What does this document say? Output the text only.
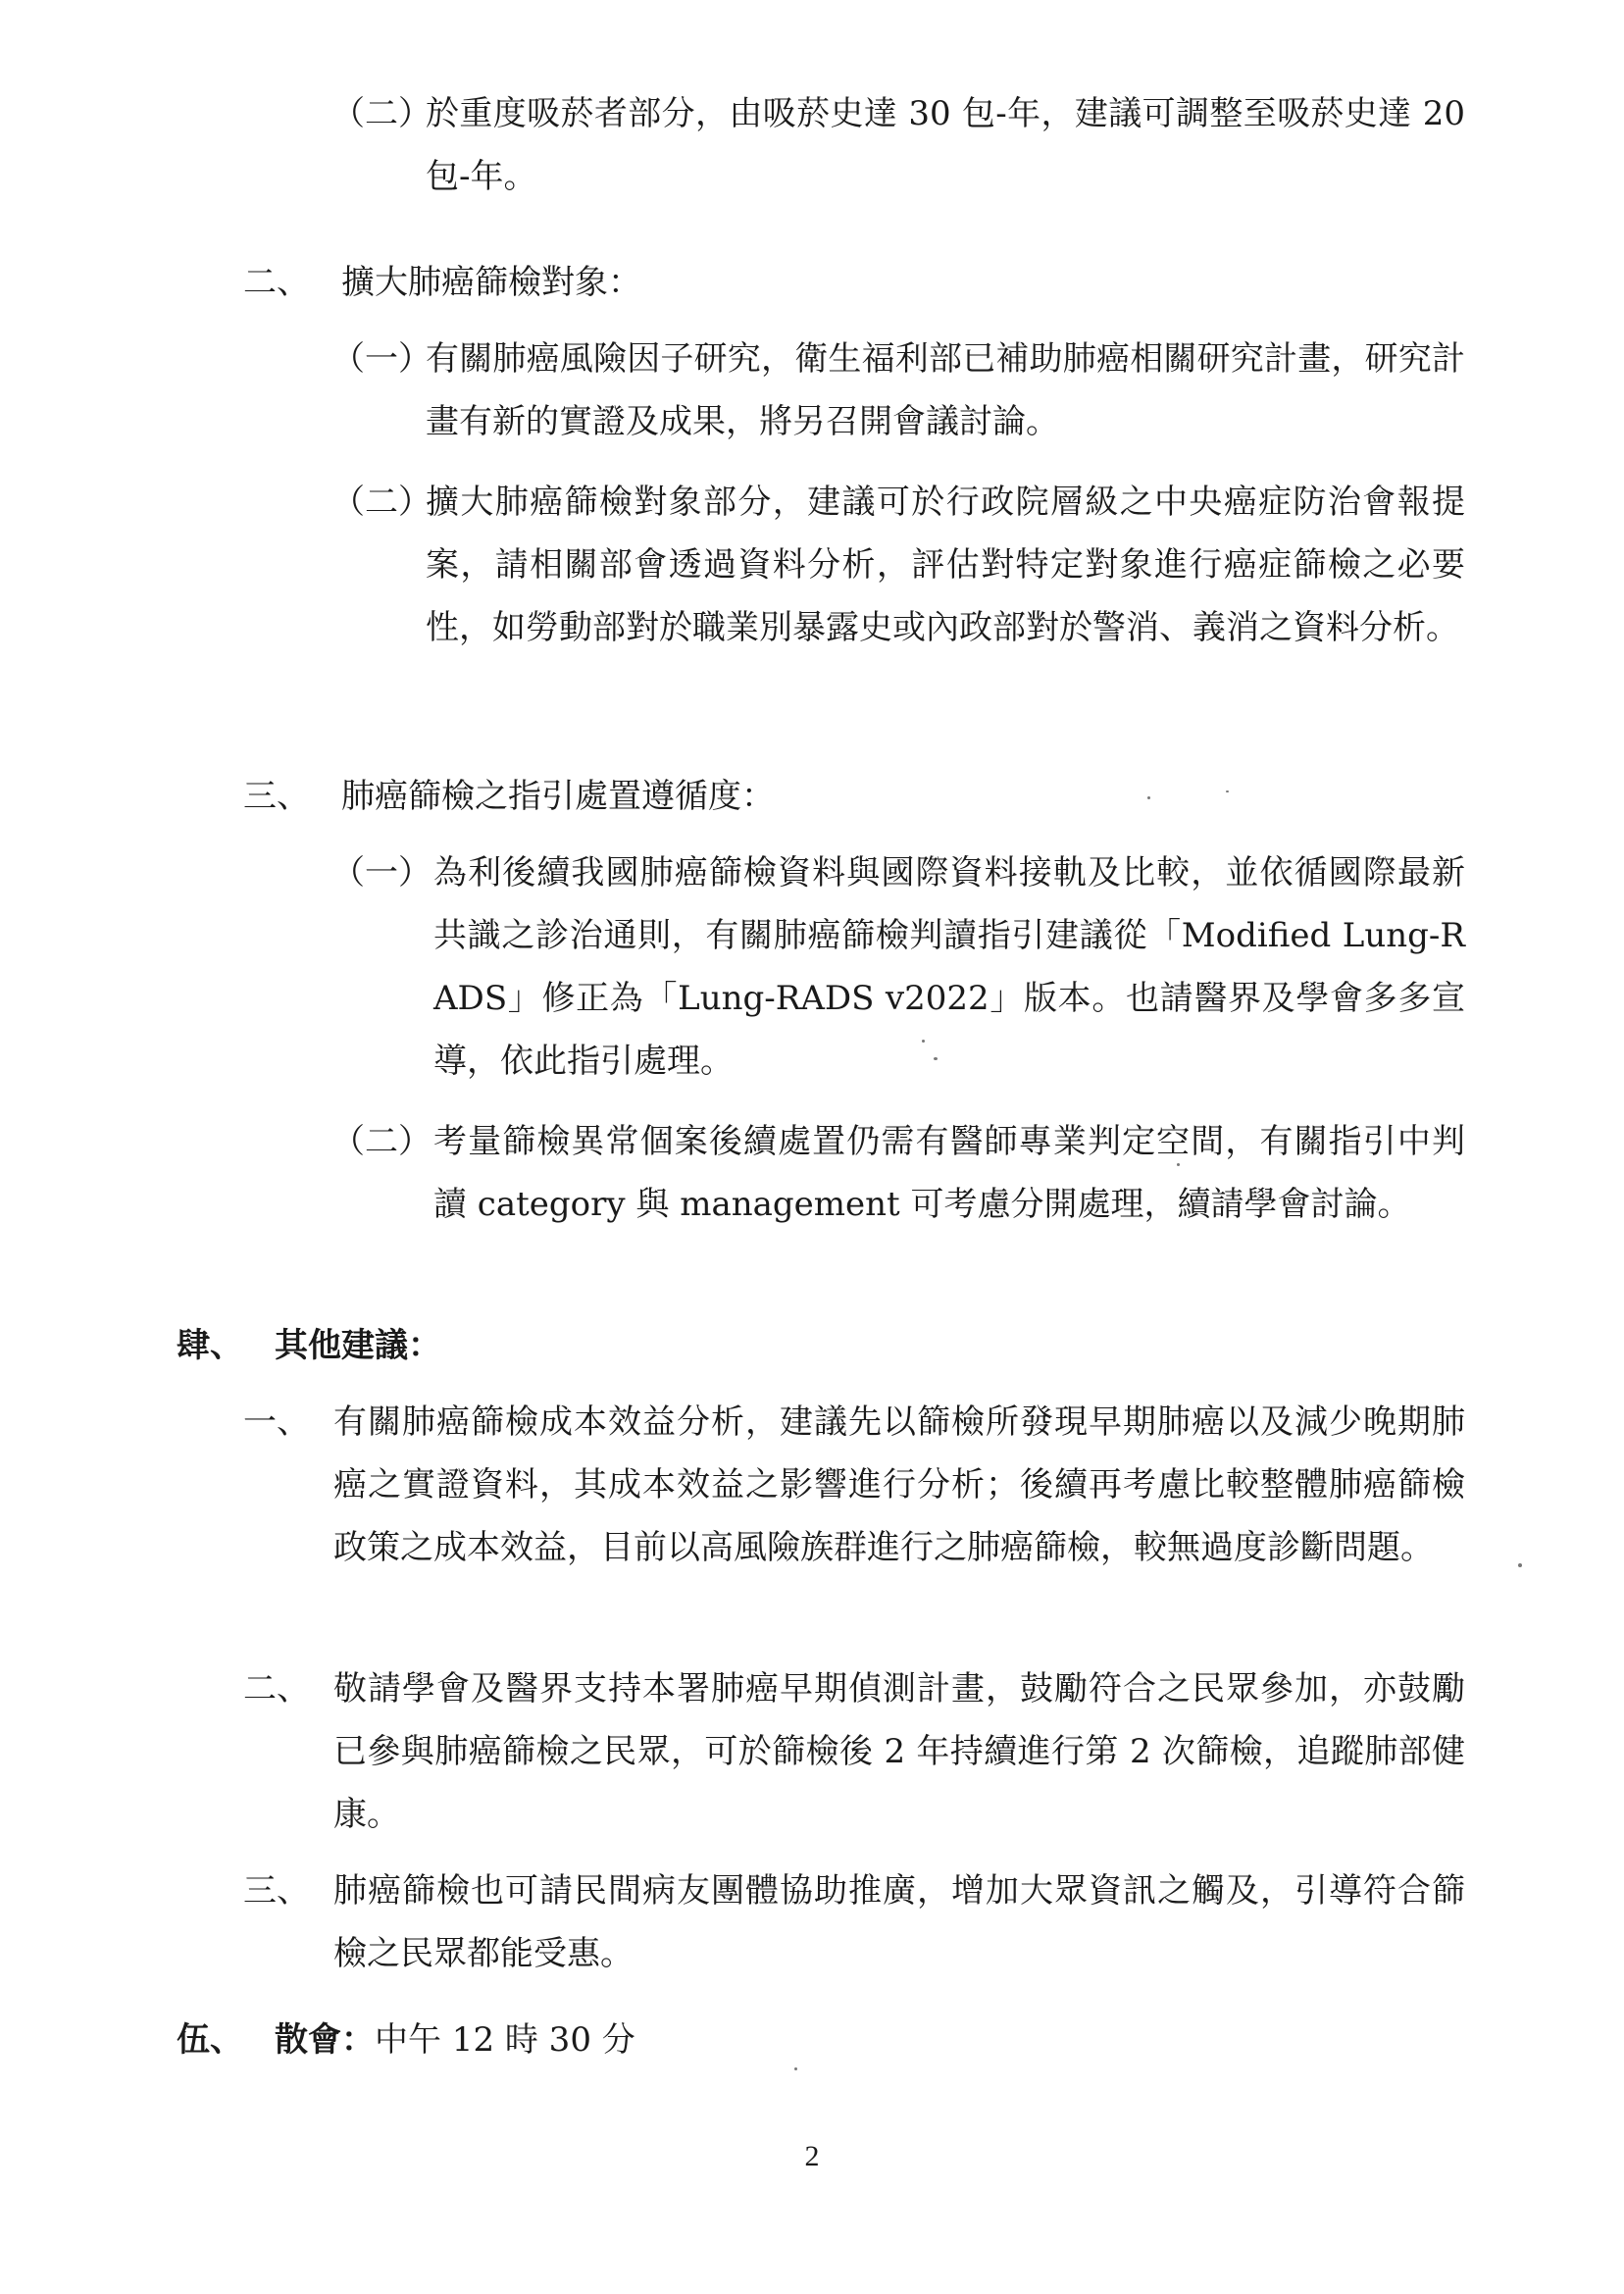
（二）
於重度吸菸者部分，由吸菸史達 30 包-年，建議可調整至吸菸史達 20 包-年。
二、 擴大肺癌篩檢對象：
（一）
有關肺癌風險因子研究，衛生福利部已補助肺癌相關研究計畫，研究計畫有新的實證及成果，將另召開會議討論。
（二）
擴大肺癌篩檢對象部分，建議可於行政院層級之中央癌症防治會報提案，請相關部會透過資料分析，評估對特定對象進行癌症篩檢之必要性，如勞動部對於職業別暴露史或內政部對於警消、義消之資料分析。
三、 肺癌篩檢之指引處置遵循度：
（一） 為利後續我國肺癌篩檢資料與國際資料接軌及比較，並依循國際最新共識之診治通則，有關肺癌篩檢判讀指引建議從「Modified Lung-RADS」修正為「Lung-RADS v2022」版本。也請醫界及學會多多宣導，依此指引處理。
（二） 考量篩檢異常個案後續處置仍需有醫師專業判定空間，有關指引中判讀 category 與 management 可考慮分開處理，續請學會討論。
肆、 其他建議：
一、 有關肺癌篩檢成本效益分析，建議先以篩檢所發現早期肺癌以及減少晚期肺癌之實證資料，其成本效益之影響進行分析；後續再考慮比較整體肺癌篩檢政策之成本效益，目前以高風險族群進行之肺癌篩檢，較無過度診斷問題。
二、 敬請學會及醫界支持本署肺癌早期偵測計畫，鼓勵符合之民眾參加，亦鼓勵已參與肺癌篩檢之民眾，可於篩檢後 2 年持續進行第 2 次篩檢，追蹤肺部健康。
三、 肺癌篩檢也可請民間病友團體協助推廣，增加大眾資訊之觸及，引導符合篩檢之民眾都能受惠。
伍、 散會： 中午 12 時 30 分
2
